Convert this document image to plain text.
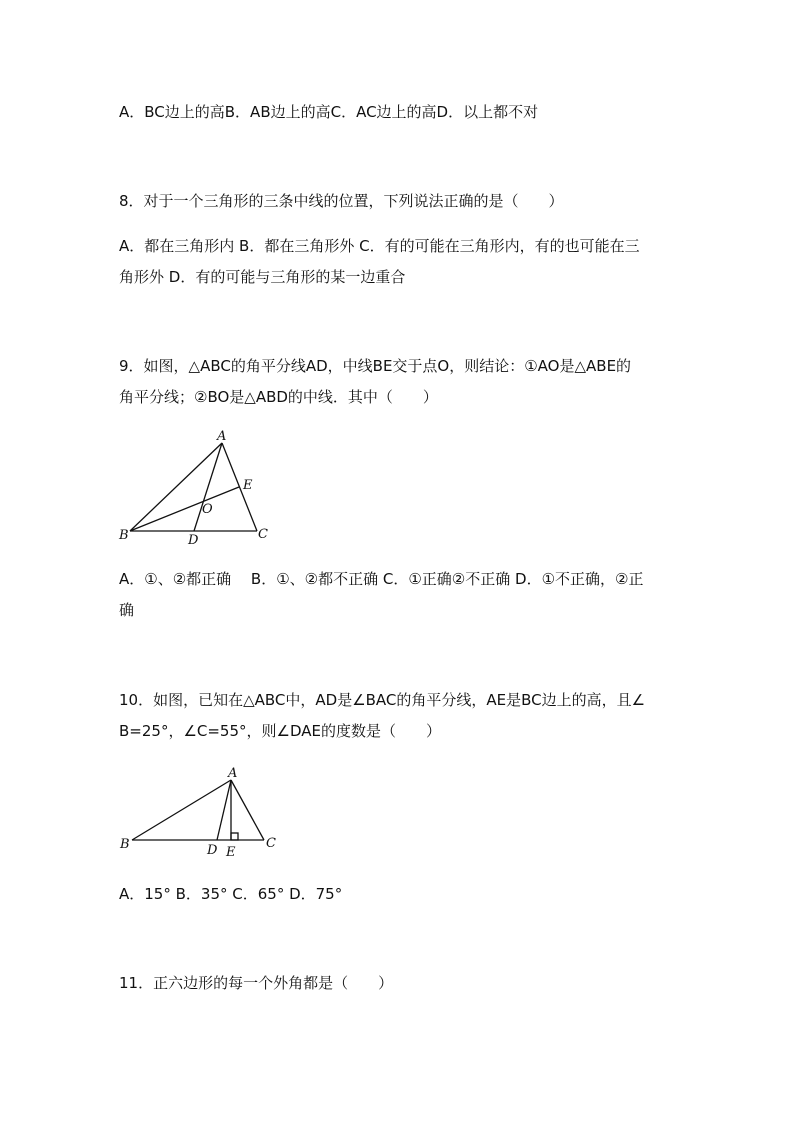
A．BC边上的高B．AB边上的高C．AC边上的高D．以上都不对
8．对于一个三角形的三条中线的位置，下列说法正确的是（　　）
A．都在三角形内 B．都在三角形外 C．有的可能在三角形内，有的也可能在三
角形外 D．有的可能与三角形的某一边重合
9．如图，△ABC的角平分线AD，中线BE交于点O，则结论：①AO是△ABE的
角平分线；②BO是△ABD的中线．其中（　　）
A
B	C
D
E
O
A．①、②都正确　 B．①、②都不正确 C．①正确②不正确 D．①不正确，②正
确
10．如图，已知在△ABC中，AD是∠BAC的角平分线，AE是BC边上的高，且∠
B=25°，∠C=55°，则∠DAE的度数是（　　）
A
B	C
D E
A．15° B．35° C．65° D．75°
11．正六边形的每一个外角都是（　　）
